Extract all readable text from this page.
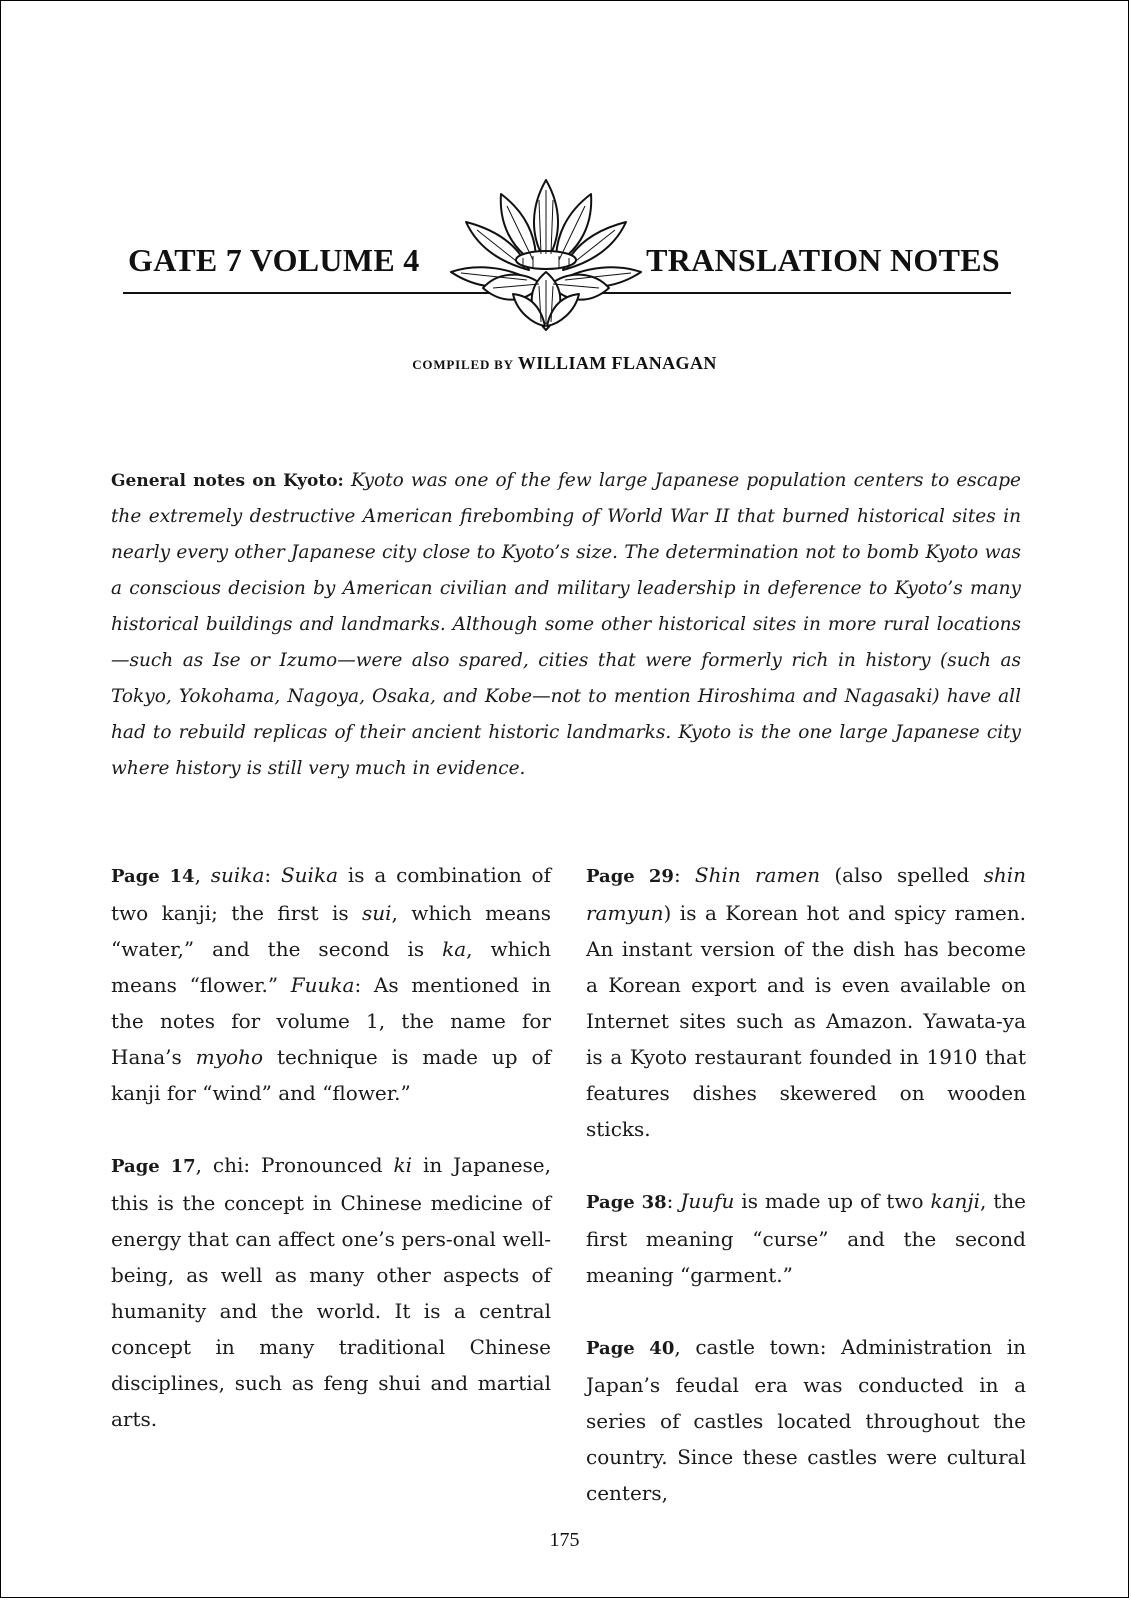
GATE 7 VOLUME 4	TRANSLATION NOTES
COMPILED BY WILLIAM FLANAGAN

General notes on Kyoto: Kyoto was one of the few large Japanese population centers to escape the extremely destructive American firebombing of World War II that burned historical sites in nearly every other Japanese city close to Kyoto’s size. The determination not to bomb Kyoto was a conscious decision by American civilian and military leadership in deference to Kyoto’s many historical buildings and landmarks. Although some other historical sites in more rural locations—such as Ise or Izumo—were also spared, cities that were formerly rich in history (such as Tokyo, Yokohama, Nagoya, Osaka, and Kobe—not to mention Hiroshima and Nagasaki) have all had to rebuild replicas of their ancient historic landmarks. Kyoto is the one large Japanese city where history is still very much in evidence.

Page 14, suika: Suika is a combination of two kanji; the first is sui, which means “water,” and the second is ka, which means “flower.” Fuuka: As mentioned in the notes for volume 1, the name for Hana’s myoho technique is made up of kanji for “wind” and “flower.”

Page 17, chi: Pronounced ki in Japanese, this is the concept in Chinese medicine of energy that can affect one’s pers-onal well-being, as well as many other aspects of humanity and the world. It is a central concept in many traditional Chinese disciplines, such as feng shui and martial arts.

Page 29: Shin ramen (also spelled shin ramyun) is a Korean hot and spicy ramen. An instant version of the dish has become a Korean export and is even available on Internet sites such as Amazon. Yawata-ya is a Kyoto restaurant founded in 1910 that features dishes skewered on wooden sticks.

Page 38: Juufu is made up of two kanji, the first meaning “curse” and the second meaning “garment.”

Page 40, castle town: Administration in Japan’s feudal era was conducted in a series of castles located throughout the country. Since these castles were cultural centers,

175
